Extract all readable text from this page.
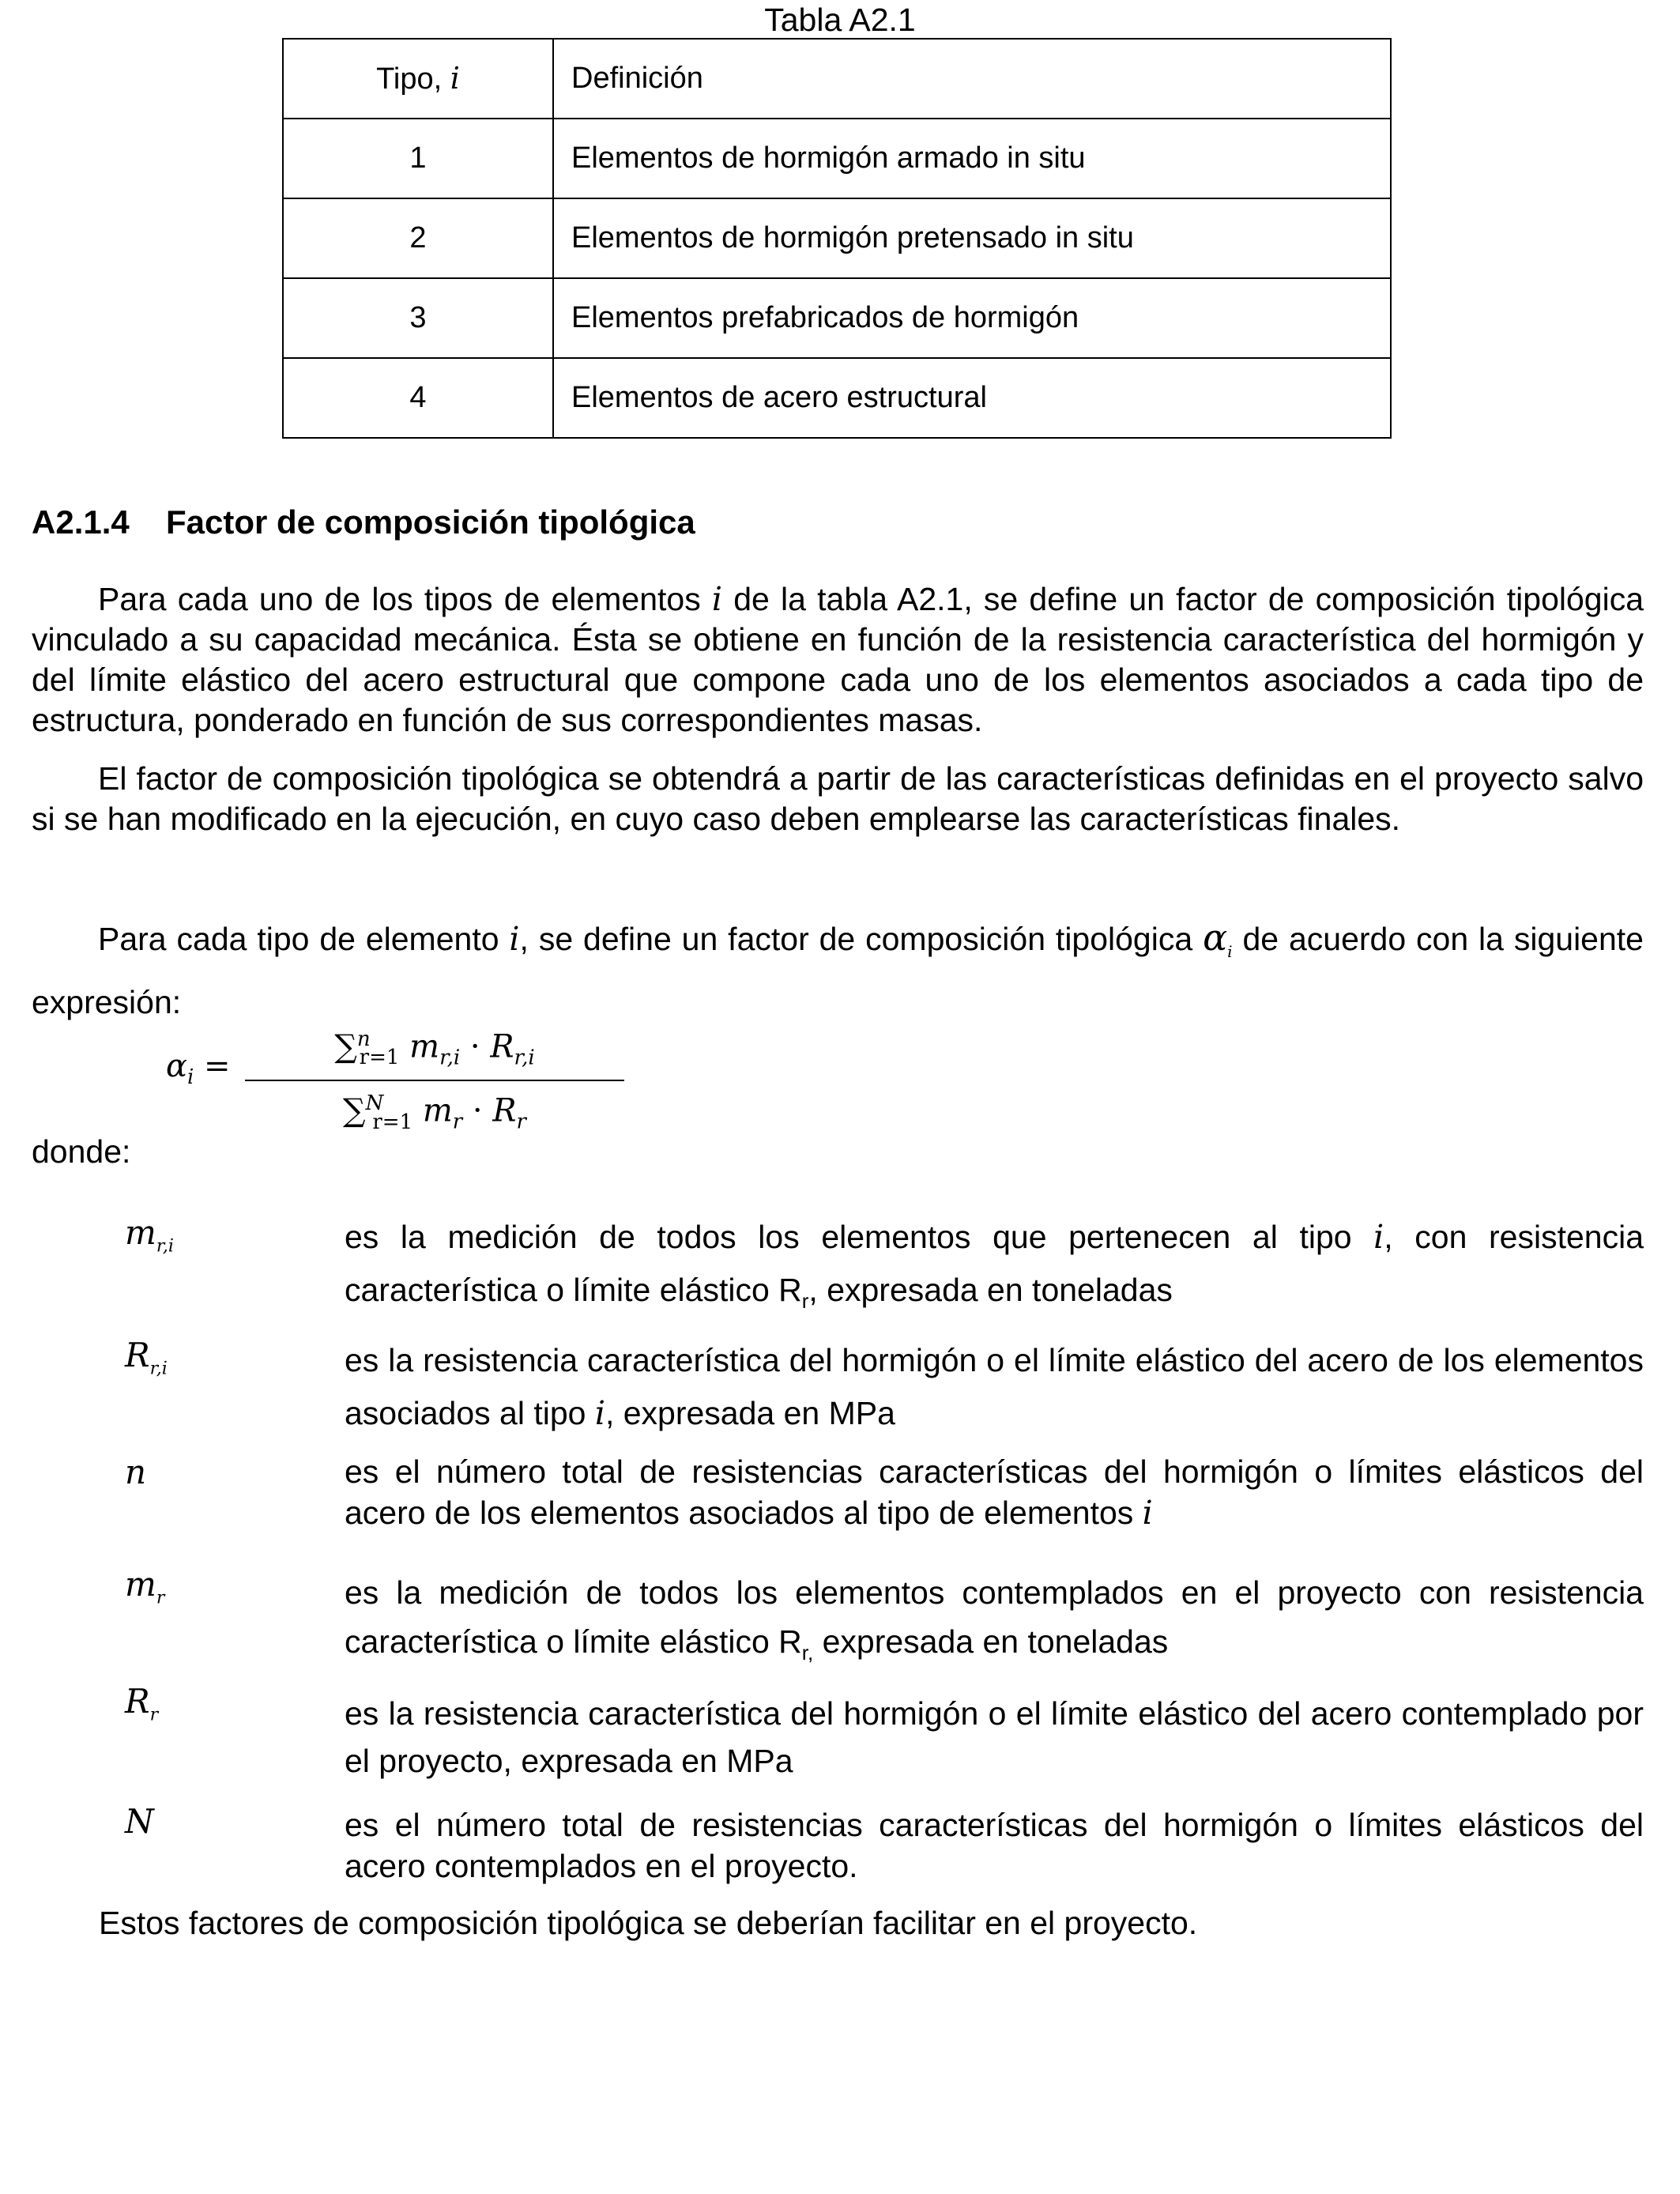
Tabla A2.1
Tipo, i	Definición
1	Elementos de hormigón armado in situ
2	Elementos de hormigón pretensado in situ
3	Elementos prefabricados de hormigón
4	Elementos de acero estructural
A2.1.4 Factor de composición tipológica

Para cada uno de los tipos de elementos i de la tabla A2.1, se define un factor de composición tipológica vinculado a su capacidad mecánica. Ésta se obtiene en función de la resistencia característica del hormigón y del límite elástico del acero estructural que compone cada uno de los elementos asociados a cada tipo de estructura, ponderado en función de sus correspondientes masas.

El factor de composición tipológica se obtendrá a partir de las características definidas en el proyecto salvo si se han modificado en la ejecución, en cuyo caso deben emplearse las características finales.

Para cada tipo de elemento i, se define un factor de composición tipológica $\alpha_i$ de acuerdo con la siguiente expresión:

$\alpha_i$ =
∑$^n_{r=1}$ $m_{r,i} \cdot R_{r,i}$
∑$^N_{r=1}$ $m_r \cdot R_r$
donde:
$m_{r,i}$	es la medición de todos los elementos que pertenecen al tipo i, con resistencia característica o límite elástico $R_r$, expresada en toneladas

$R_{r,i}$	es la resistencia característica del hormigón o el límite elástico del acero de los elementos asociados al tipo i, expresada en MPa

n	es el número total de resistencias características del hormigón o límites elásticos del acero de los elementos asociados al tipo de elementos i

$m_r$	es la medición de todos los elementos contemplados en el proyecto con resistencia característica o límite elástico $R_{r,}$ expresada en toneladas

$R_r$	es la resistencia característica del hormigón o el límite elástico del acero contemplado por el proyecto, expresada en MPa

N	es el número total de resistencias características del hormigón o límites elásticos del acero contemplados en el proyecto.

Estos factores de composición tipológica se deberían facilitar en el proyecto.
